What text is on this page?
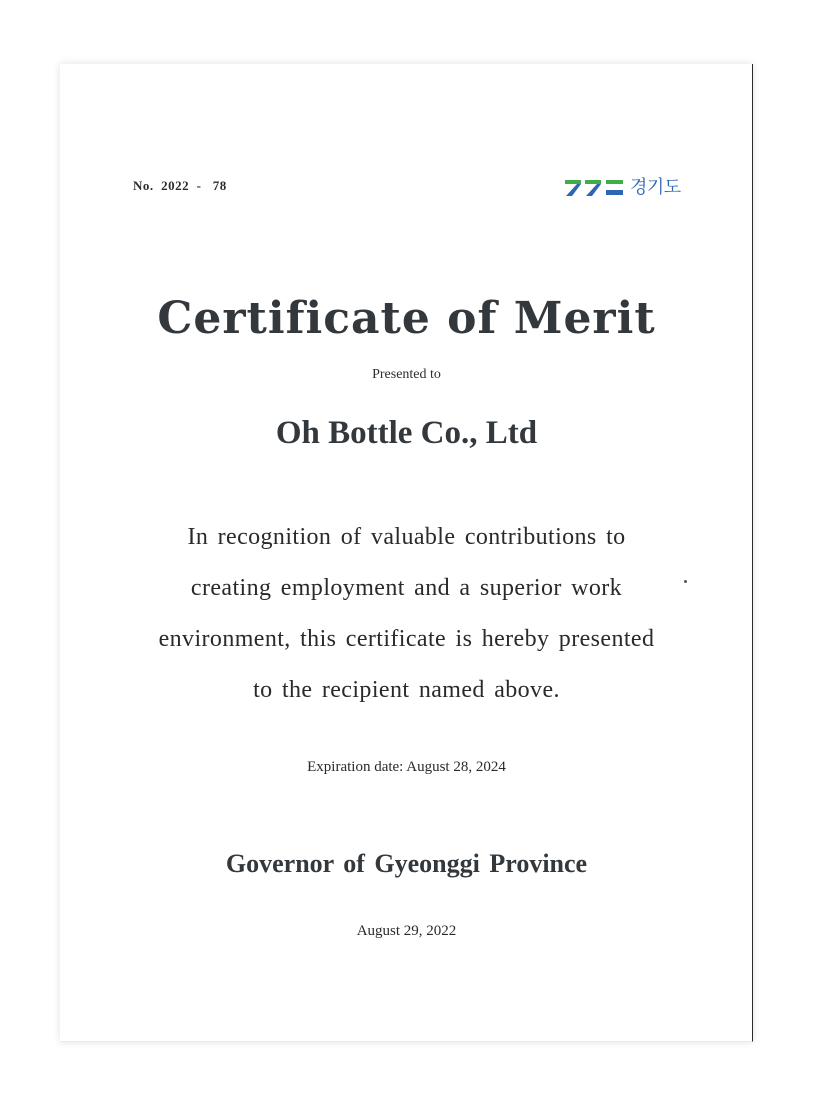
No.  2022  -   78	경기도
Certificate of Merit
Presented to
Oh Bottle Co., Ltd
In recognition of valuable contributions to
creating employment and a superior work
environment, this certificate is hereby presented
to the recipient named above.
Expiration date: August 28, 2024
Governor of Gyeonggi Province
August 29, 2022
